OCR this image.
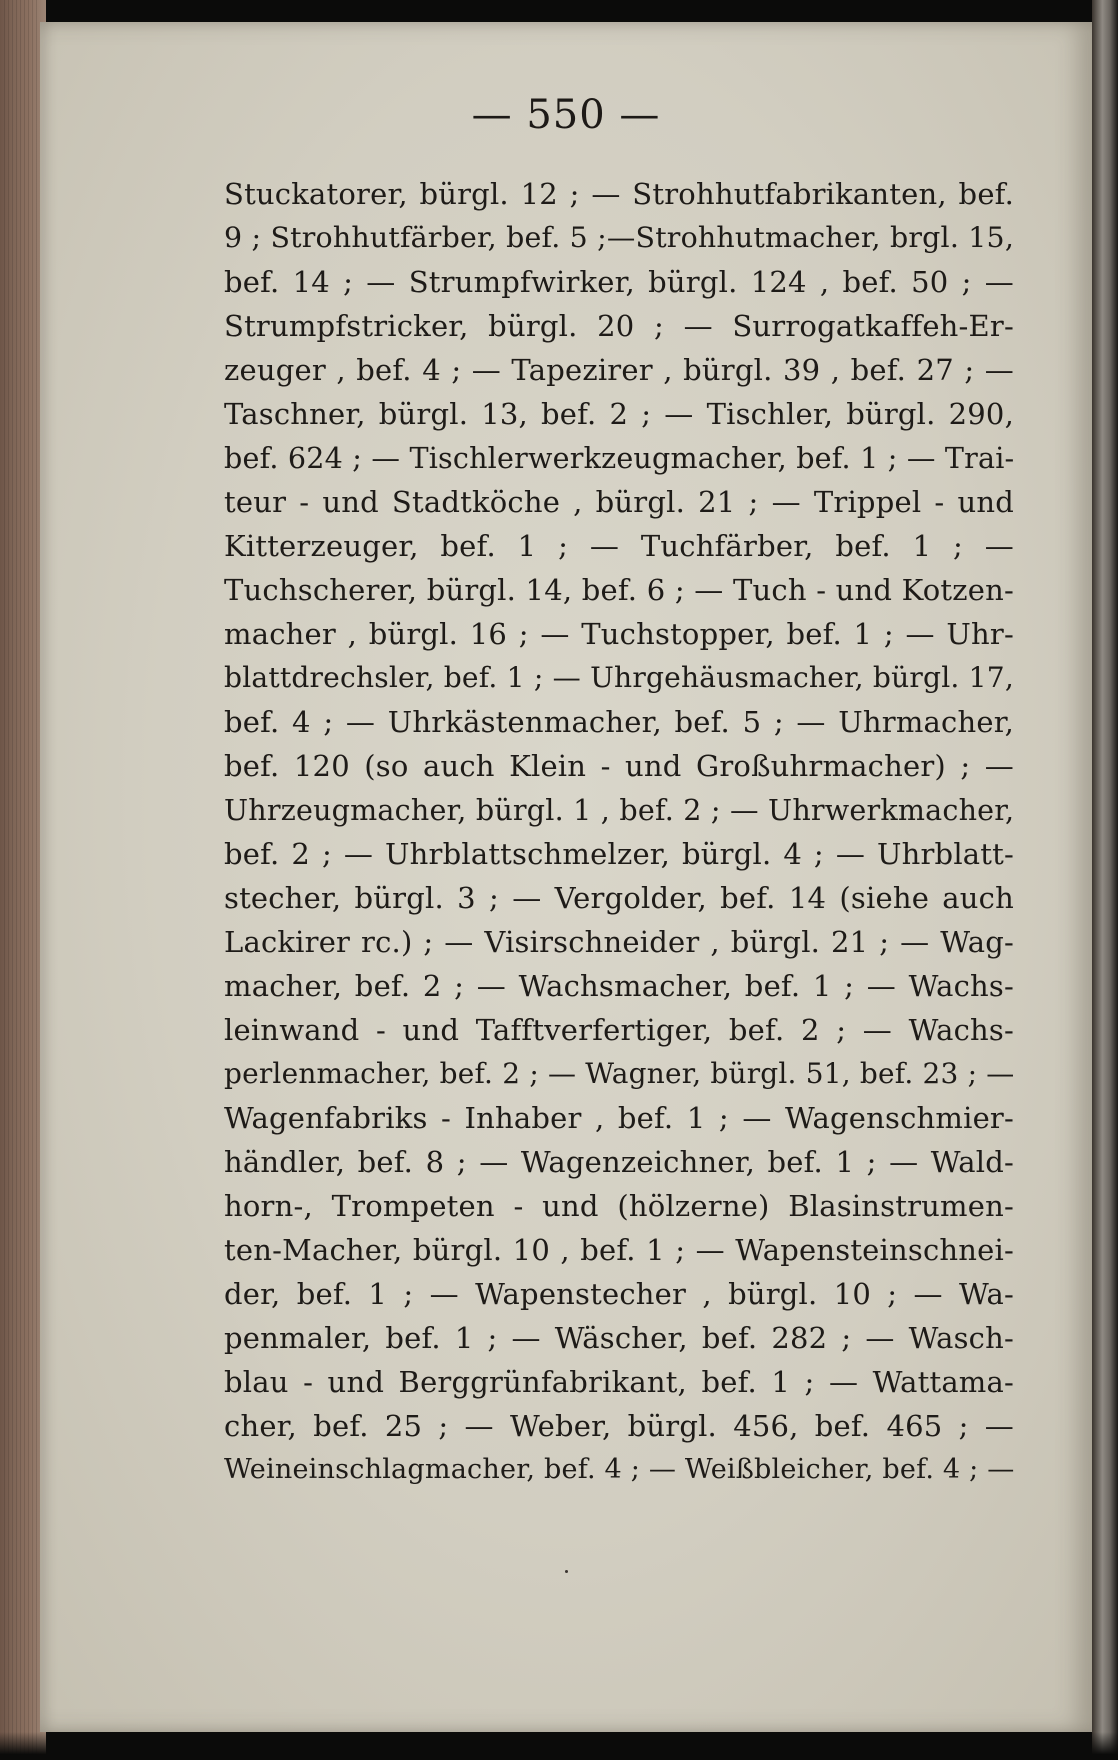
— 550 —
Stuckatorer, bürgl. 12 ; — Strohhutfabrikanten, bef.
9 ; Strohhutfärber, bef. 5 ;—Strohhutmacher, brgl. 15,
bef. 14 ; — Strumpfwirker, bürgl. 124 , bef. 50 ; —
Strumpfstricker, bürgl. 20 ; — Surrogatkaffeh-Er-
zeuger , bef. 4 ; — Tapezirer , bürgl. 39 , bef. 27 ; —
Taschner, bürgl. 13, bef. 2 ; — Tischler, bürgl. 290,
bef. 624 ; — Tischlerwerkzeugmacher, bef. 1 ; — Trai-
teur - und Stadtköche , bürgl. 21 ; — Trippel - und
Kitterzeuger, bef. 1 ; — Tuchfärber, bef. 1 ; —
Tuchscherer, bürgl. 14, bef. 6 ; — Tuch - und Kotzen-
macher , bürgl. 16 ; — Tuchstopper, bef. 1 ; — Uhr-
blattdrechsler, bef. 1 ; — Uhrgehäusmacher, bürgl. 17,
bef. 4 ; — Uhrkästenmacher, bef. 5 ; — Uhrmacher,
bef. 120 (so auch Klein - und Großuhrmacher) ; —
Uhrzeugmacher, bürgl. 1 , bef. 2 ; — Uhrwerkmacher,
bef. 2 ; — Uhrblattschmelzer, bürgl. 4 ; — Uhrblatt-
stecher, bürgl. 3 ; — Vergolder, bef. 14 (siehe auch
Lackirer rc.) ; — Visirschneider , bürgl. 21 ; — Wag-
macher, bef. 2 ; — Wachsmacher, bef. 1 ; — Wachs-
leinwand - und Tafftverfertiger, bef. 2 ; — Wachs-
perlenmacher, bef. 2 ; — Wagner, bürgl. 51, bef. 23 ; —
Wagenfabriks - Inhaber , bef. 1 ; — Wagenschmier-
händler, bef. 8 ; — Wagenzeichner, bef. 1 ; — Wald-
horn-, Trompeten - und (hölzerne) Blasinstrumen-
ten-Macher, bürgl. 10 , bef. 1 ; — Wapensteinschnei-
der, bef. 1 ; — Wapenstecher , bürgl. 10 ; — Wa-
penmaler, bef. 1 ; — Wäscher, bef. 282 ; — Wasch-
blau - und Berggrünfabrikant, bef. 1 ; — Wattama-
cher, bef. 25 ; — Weber, bürgl. 456, bef. 465 ; —
Weineinschlagmacher, bef. 4 ; — Weißbleicher, bef. 4 ; —
